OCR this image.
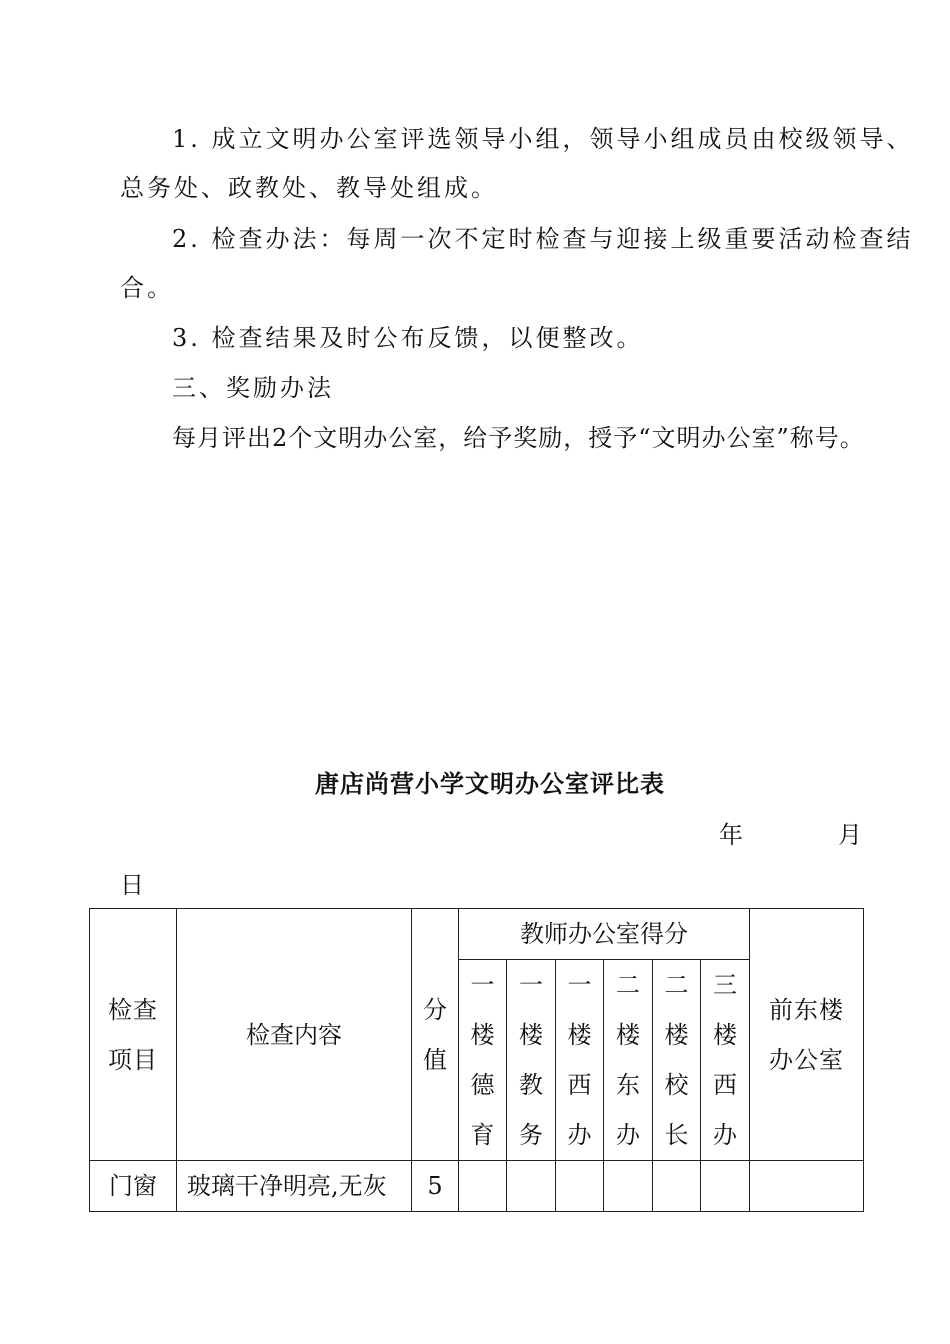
1. 成立文明办公室评选领导小组，领导小组成员由校级领导、
总务处、政教处、教导处组成。
2. 检查办法：每周一次不定时检查与迎接上级重要活动检查结
合。
3. 检查结果及时公布反馈，以便整改。
三、奖励办法
每月评出2个文明办公室，给予奖励，授予“文明办公室”称号。
唐店尚营小学文明办公室评比表
年	月
日
检查项目	检查内容	分值	教师办公室得分						前东楼办公室
			一楼德育	一楼教务	一楼西办	二楼东办	二楼校长	三楼西办	
门窗	玻璃干净明亮,无灰	5							
